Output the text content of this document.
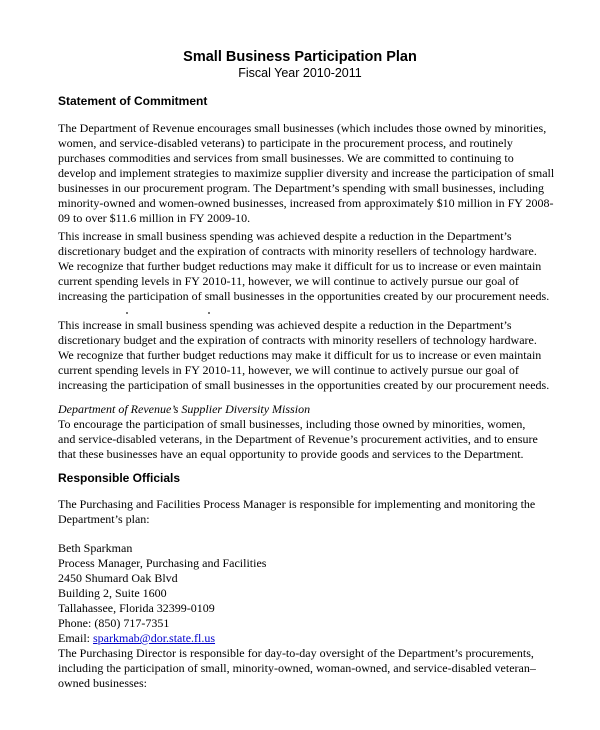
Small Business Participation Plan
Fiscal Year 2010-2011
Statement of Commitment
The Department of Revenue encourages small businesses (which includes those owned by minorities,
women, and service-disabled veterans) to participate in the procurement process, and routinely
purchases commodities and services from small businesses. We are committed to continuing to
develop and implement strategies to maximize supplier diversity and increase the participation of small
businesses in our procurement program. The Department’s spending with small businesses, including
minority-owned and women-owned businesses, increased from approximately $10 million in FY 2008-
09 to over $11.6 million in FY 2009-10.
This increase in small business spending was achieved despite a reduction in the Department’s
discretionary budget and the expiration of contracts with minority resellers of technology hardware.
We recognize that further budget reductions may make it difficult for us to increase or even maintain
current spending levels in FY 2010-11, however, we will continue to actively pursue our goal of
increasing the participation of small businesses in the opportunities created by our procurement needs.
This increase in small business spending was achieved despite a reduction in the Department’s
discretionary budget and the expiration of contracts with minority resellers of technology hardware.
We recognize that further budget reductions may make it difficult for us to increase or even maintain
current spending levels in FY 2010-11, however, we will continue to actively pursue our goal of
increasing the participation of small businesses in the opportunities created by our procurement needs.
Department of Revenue’s Supplier Diversity Mission
To encourage the participation of small businesses, including those owned by minorities, women,
and service-disabled veterans, in the Department of Revenue’s procurement activities, and to ensure
that these businesses have an equal opportunity to provide goods and services to the Department.
Responsible Officials
The Purchasing and Facilities Process Manager is responsible for implementing and monitoring the
Department’s plan:
Beth Sparkman
Process Manager, Purchasing and Facilities
2450 Shumard Oak Blvd
Building 2, Suite 1600
Tallahassee, Florida 32399-0109
Phone: (850) 717-7351
Email: sparkmab@dor.state.fl.us
The Purchasing Director is responsible for day-to-day oversight of the Department’s procurements,
including the participation of small, minority-owned, woman-owned, and service-disabled veteran–
owned businesses:
